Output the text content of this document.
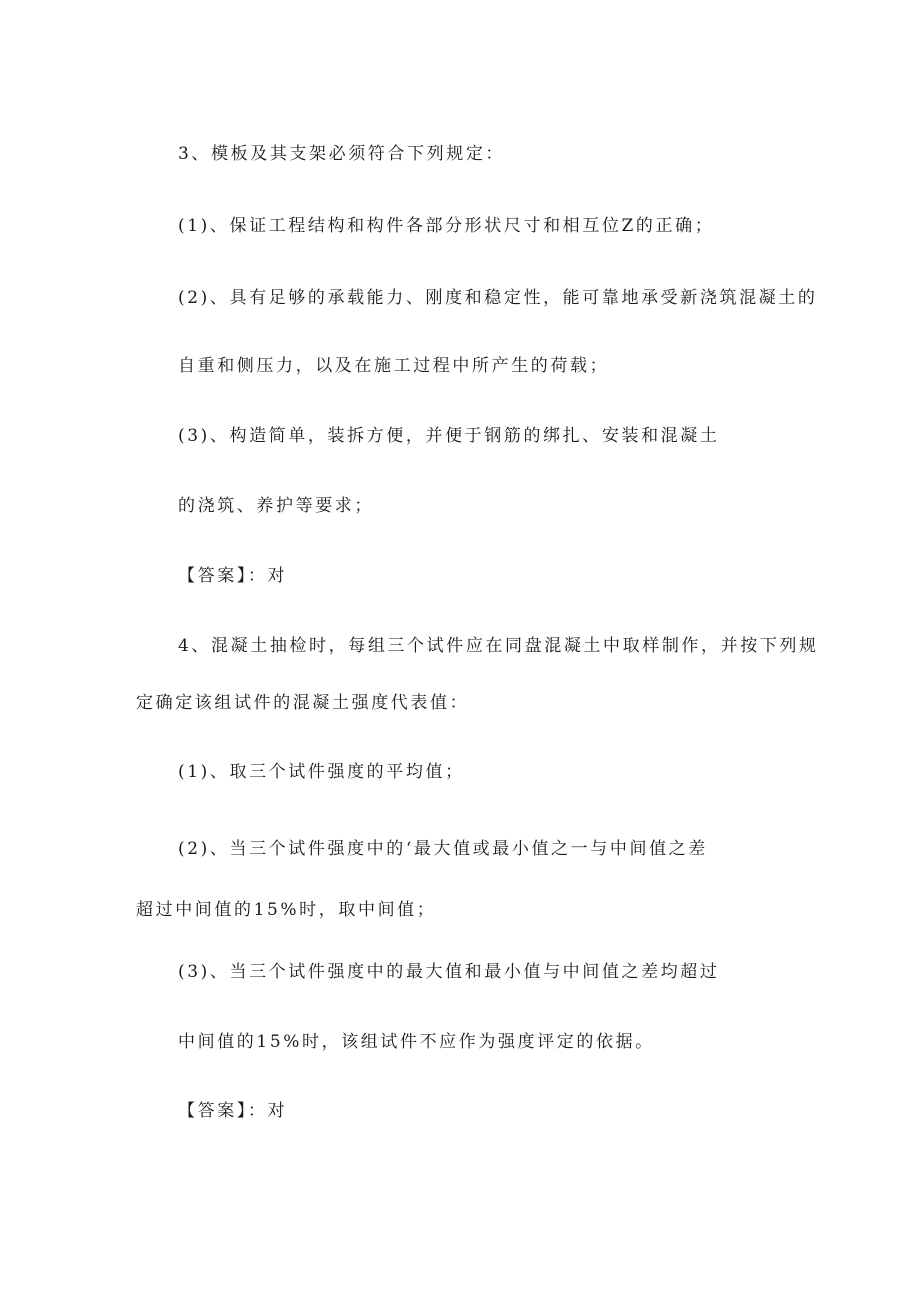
3、模板及其支架必须符合下列规定：
(1)、保证工程结构和构件各部分形状尺寸和相互位Z的正确；
(2)、具有足够的承载能力、刚度和稳定性，能可靠地承受新浇筑混凝土的
自重和侧压力，以及在施工过程中所产生的荷载；
(3)、构造简单，装拆方便，并便于钢筋的绑扎、安装和混凝土
的浇筑、养护等要求；
【答案】：对
4、混凝土抽检时，每组三个试件应在同盘混凝土中取样制作，并按下列规
定确定该组试件的混凝土强度代表值：
(1)、取三个试件强度的平均值；
(2)、当三个试件强度中的‘最大值或最小值之一与中间值之差
超过中间值的15%时，取中间值；
(3)、当三个试件强度中的最大值和最小值与中间值之差均超过
中间值的15%时，该组试件不应作为强度评定的依据。
【答案】：对
